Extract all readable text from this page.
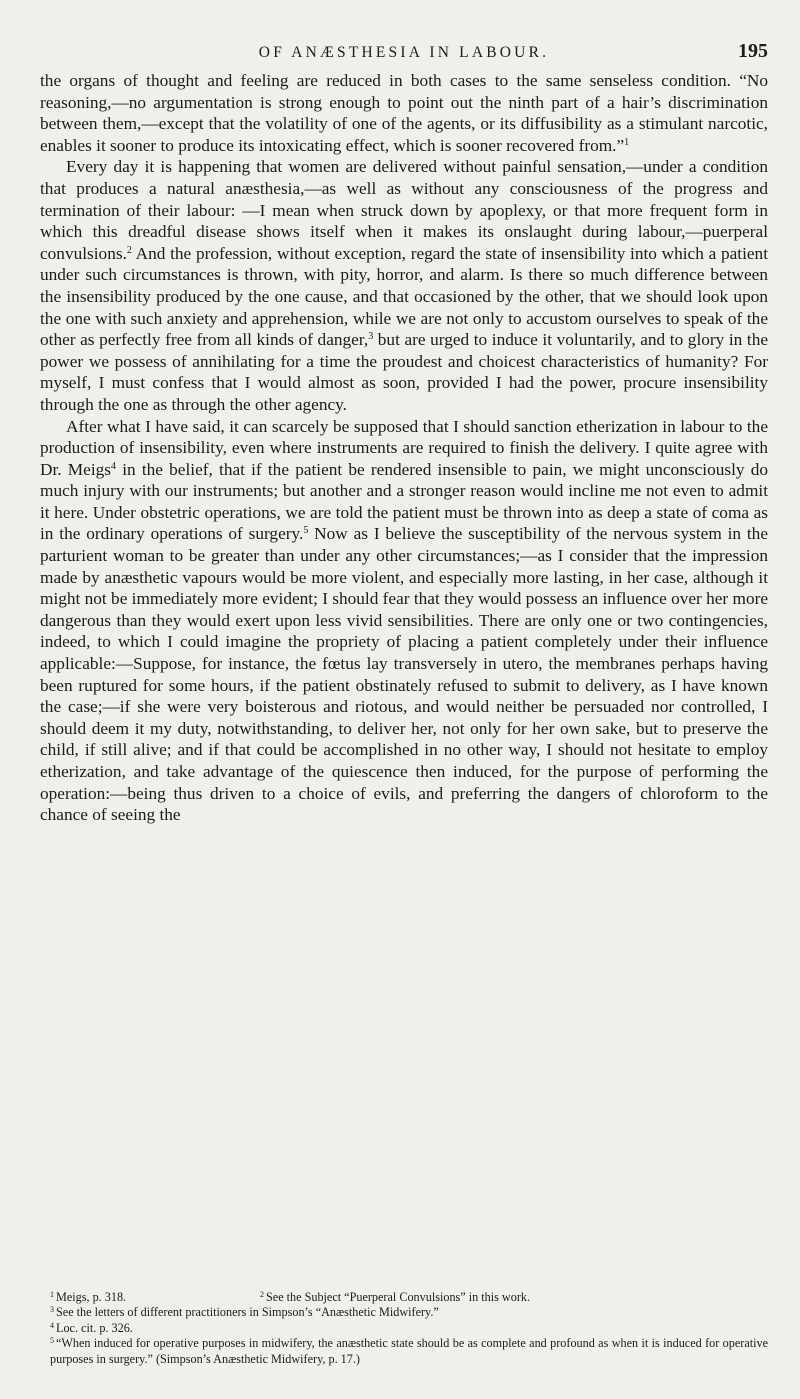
OF ANÆSTHESIA IN LABOUR.	195

the organs of thought and feeling are reduced in both cases to the same senseless condition. “No reasoning,—no argumentation is strong enough to point out the ninth part of a hair’s discrimination between them,—except that the volatility of one of the agents, or its diffusibility as a stimulant narcotic, enables it sooner to produce its intoxicating effect, which is sooner recovered from.”$^1$

Every day it is happening that women are delivered without painful sensation,—under a condition that produces a natural anæsthesia,—as well as without any consciousness of the progress and termination of their labour: —I mean when struck down by apoplexy, or that more frequent form in which this dreadful disease shows itself when it makes its onslaught during labour,—puerperal convulsions.$^2$ And the profession, without exception, regard the state of insensibility into which a patient under such circumstances is thrown, with pity, horror, and alarm. Is there so much difference between the insensibility produced by the one cause, and that occasioned by the other, that we should look upon the one with such anxiety and apprehension, while we are not only to accustom ourselves to speak of the other as perfectly free from all kinds of danger,$^3$ but are urged to induce it voluntarily, and to glory in the power we possess of annihilating for a time the proudest and choicest characteristics of humanity? For myself, I must confess that I would almost as soon, provided I had the power, procure insensibility through the one as through the other agency.

After what I have said, it can scarcely be supposed that I should sanction etherization in labour to the production of insensibility, even where instruments are required to finish the delivery. I quite agree with Dr. Meigs$^4$ in the belief, that if the patient be rendered insensible to pain, we might unconsciously do much injury with our instruments; but another and a stronger reason would incline me not even to admit it here. Under obstetric operations, we are told the patient must be thrown into as deep a state of coma as in the ordinary operations of surgery.$^5$ Now as I believe the susceptibility of the nervous system in the parturient woman to be greater than under any other circumstances;—as I consider that the impression made by anæsthetic vapours would be more violent, and especially more lasting, in her case, although it might not be immediately more evident; I should fear that they would possess an influence over her more dangerous than they would exert upon less vivid sensibilities. There are only one or two contingencies, indeed, to which I could imagine the propriety of placing a patient completely under their influence applicable:—Suppose, for instance, the fœtus lay transversely in utero, the membranes perhaps having been ruptured for some hours, if the patient obstinately refused to submit to delivery, as I have known the case;—if she were very boisterous and riotous, and would neither be persuaded nor controlled, I should deem it my duty, notwithstanding, to deliver her, not only for her own sake, but to preserve the child, if still alive; and if that could be accomplished in no other way, I should not hesitate to employ etherization, and take advantage of the quiescence then induced, for the purpose of performing the operation:—being thus driven to a choice of evils, and preferring the dangers of chloroform to the chance of seeing the

$^1$ Meigs, p. 318.	$^2$ See the Subject “Puerperal Convulsions” in this work.

$^3$ See the letters of different practitioners in Simpson’s “Anæsthetic Midwifery.”

$^4$ Loc. cit. p. 326.

$^5$ “When induced for operative purposes in midwifery, the anæsthetic state should be as complete and profound as when it is induced for operative purposes in surgery.” (Simpson’s Anæsthetic Midwifery, p. 17.)
